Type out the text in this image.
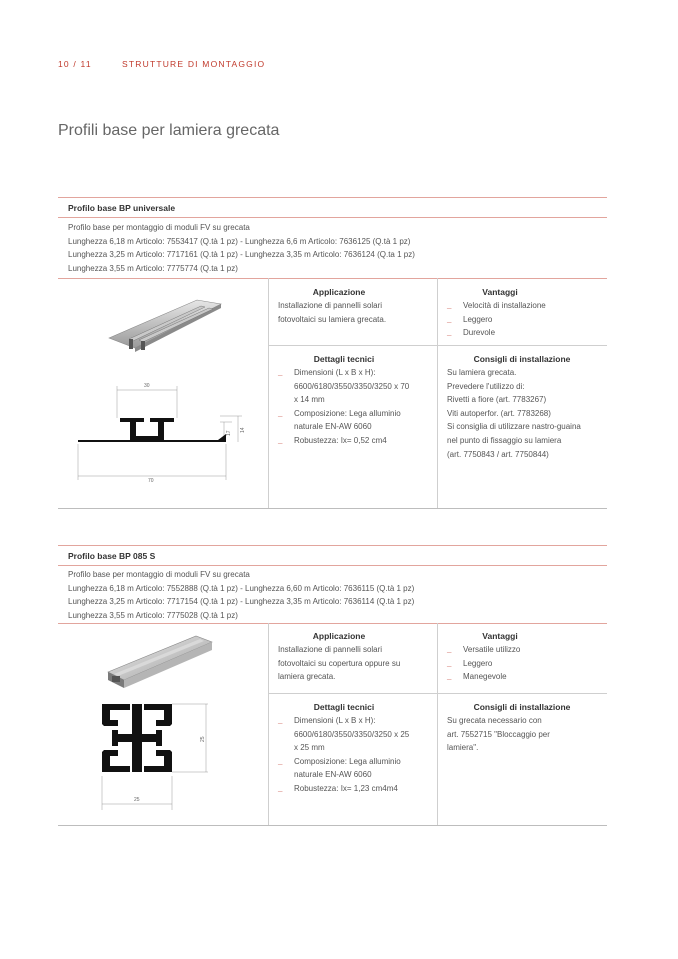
10 / 11	STRUTTURE DI MONTAGGIO
Profili base per lamiera grecata
Profilo base BP universale
Profilo base per montaggio di moduli FV su grecata
Lunghezza 6,18 m Articolo: 7553417 (Q.tà 1 pz) - Lunghezza 6,6 m Articolo: 7636125 (Q.tà 1 pz)
Lunghezza 3,25 m Articolo: 7717161 (Q.tà 1 pz) - Lunghezza 3,35 m Articolo: 7636124 (Q.ta 1 pz)
Lunghezza 3,55 m Articolo: 7775774 (Q.ta 1 pz)
Applicazione
Installazione di pannelli solari
fotovoltaici su lamiera grecata.
Vantaggi
_ Velocità di installazione
_ Leggero
_ Durevole
Dettagli tecnici
_ Dimensioni (L x B x H):
6600/6180/3550/3350/3250 x 70
x 14 mm
_ Composizione: Lega alluminio
naturale EN-AW 6060
_ Robustezza: Ix= 0,52 cm4
Consigli di installazione
Su lamiera grecata.
Prevedere l'utilizzo di:
Rivetti a fiore (art. 7783267)
Viti autoperfor. (art. 7783268)
Si consiglia di utilizzare nastro-guaina
nel punto di fissaggio su lamiera
(art. 7750843 / art. 7750844)
30
17
14
70
Profilo base BP 085 S
Profilo base per montaggio di moduli FV su grecata
Lunghezza 6,18 m Articolo: 7552888 (Q.tà 1 pz) - Lunghezza 6,60 m Articolo: 7636115 (Q.tà 1 pz)
Lunghezza 3,25 m Articolo: 7717154 (Q.tà 1 pz) - Lunghezza 3,35 m Articolo: 7636114 (Q.tà 1 pz)
Lunghezza 3,55 m Articolo: 7775028 (Q.tà 1 pz)
Applicazione
Installazione di pannelli solari
fotovoltaici su copertura oppure su
lamiera grecata.
Vantaggi
_ Versatile utilizzo
_ Leggero
_ Manegevole
Dettagli tecnici
_ Dimensioni (L x B x H):
6600/6180/3550/3350/3250 x 25
x 25 mm
_ Composizione: Lega alluminio
naturale EN-AW 6060
_ Robustezza: Ix= 1,23 cm4m4
Consigli di installazione
Su grecata necessario con
art. 7552715 "Bloccaggio per
lamiera".
25
25
